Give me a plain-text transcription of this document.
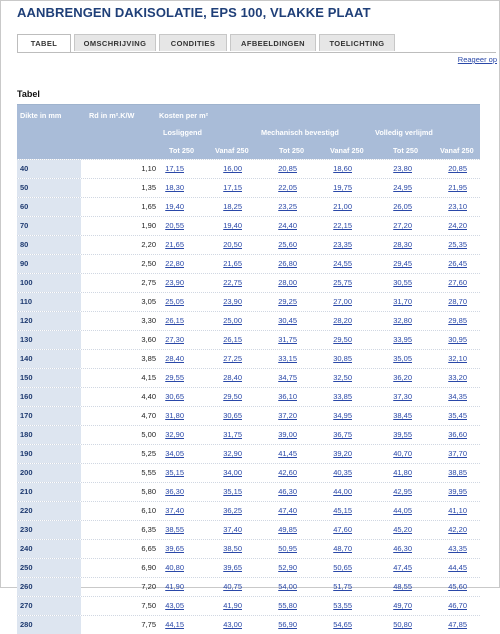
AANBRENGEN DAKISOLATIE, EPS 100, VLAKKE PLAAT
TABEL	OMSCHRIJVING	CONDITIES	AFBEELDINGEN	TOELICHTING
Reageer op
Tabel
Dikte in mm	Rd in m².K/W	Kosten per m²
Losliggend	Mechanisch bevestigd	Volledig verlijmd
Tot 250	Vanaf 250	Tot 250	Vanaf 250	Tot 250	Vanaf 250
40	1,10	17,15	16,00	20,85	18,60	23,80	20,85
50	1,35	18,30	17,15	22,05	19,75	24,95	21,95
60	1,65	19,40	18,25	23,25	21,00	26,05	23,10
70	1,90	20,55	19,40	24,40	22,15	27,20	24,20
80	2,20	21,65	20,50	25,60	23,35	28,30	25,35
90	2,50	22,80	21,65	26,80	24,55	29,45	26,45
100	2,75	23,90	22,75	28,00	25,75	30,55	27,60
110	3,05	25,05	23,90	29,25	27,00	31,70	28,70
120	3,30	26,15	25,00	30,45	28,20	32,80	29,85
130	3,60	27,30	26,15	31,75	29,50	33,95	30,95
140	3,85	28,40	27,25	33,15	30,85	35,05	32,10
150	4,15	29,55	28,40	34,75	32,50	36,20	33,20
160	4,40	30,65	29,50	36,10	33,85	37,30	34,35
170	4,70	31,80	30,65	37,20	34,95	38,45	35,45
180	5,00	32,90	31,75	39,00	36,75	39,55	36,60
190	5,25	34,05	32,90	41,45	39,20	40,70	37,70
200	5,55	35,15	34,00	42,60	40,35	41,80	38,85
210	5,80	36,30	35,15	46,30	44,00	42,95	39,95
220	6,10	37,40	36,25	47,40	45,15	44,05	41,10
230	6,35	38,55	37,40	49,85	47,60	45,20	42,20
240	6,65	39,65	38,50	50,95	48,70	46,30	43,35
250	6,90	40,80	39,65	52,90	50,65	47,45	44,45
260	7,20	41,90	40,75	54,00	51,75	48,55	45,60
270	7,50	43,05	41,90	55,80	53,55	49,70	46,70
280	7,75	44,15	43,00	56,90	54,65	50,80	47,85
